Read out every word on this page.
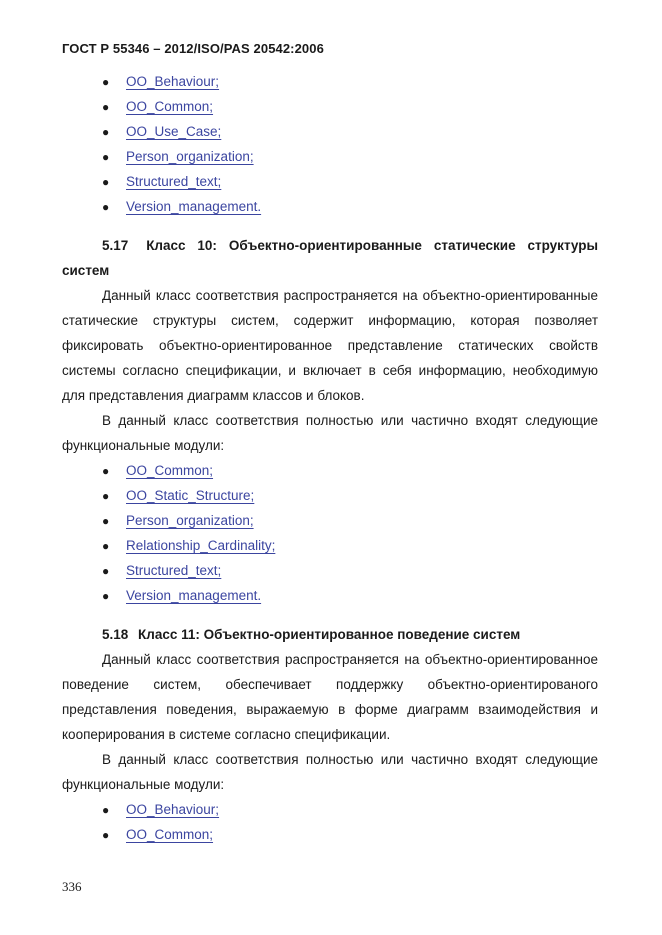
ГОСТ Р 55346 – 2012/ISO/PAS 20542:2006
● OO_Behaviour;
● OO_Common;
● OO_Use_Case;
● Person_organization;
● Structured_text;
● Version_management.
5.17 Класс 10: Объектно-ориентированные статические структуры систем

Данный класс соответствия распространяется на объектно-ориентированные статические структуры систем, содержит информацию, которая позволяет фиксировать объектно-ориентированное представление статических свойств системы согласно спецификации, и включает в себя информацию, необходимую для представления диаграмм классов и блоков.

В данный класс соответствия полностью или частично входят следующие функциональные модули:

● OO_Common;
● OO_Static_Structure;
● Person_organization;
● Relationship_Cardinality;
● Structured_text;
● Version_management.
5.18 Класс 11: Объектно-ориентированное поведение систем

Данный класс соответствия распространяется на объектно-ориентированное поведение систем, обеспечивает поддержку объектно-ориентированого представления поведения, выражаемую в форме диаграмм взаимодействия и кооперирования в системе согласно спецификации.

В данный класс соответствия полностью или частично входят следующие функциональные модули:

● OO_Behaviour;
● OO_Common;
336
